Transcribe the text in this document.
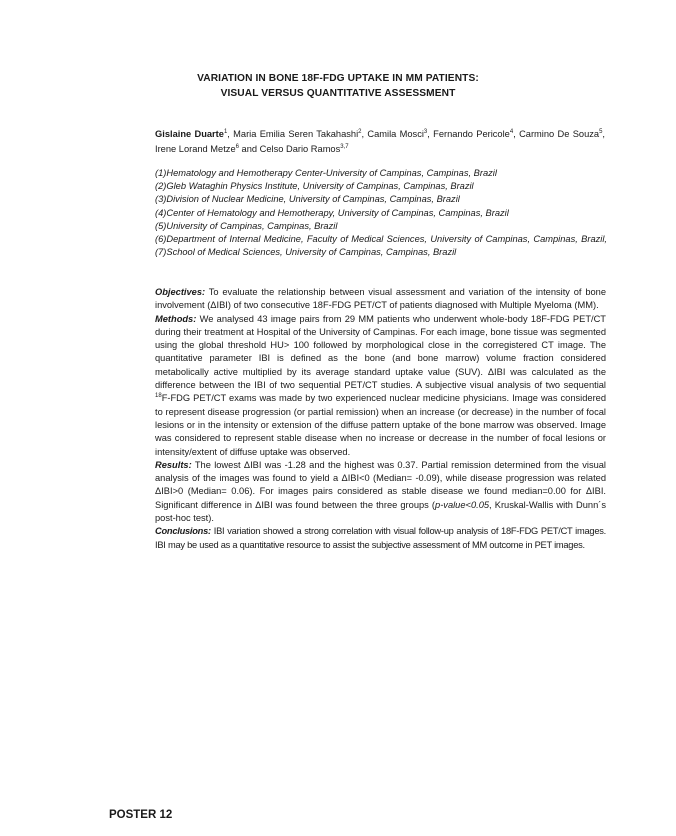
VARIATION IN BONE 18F-FDG UPTAKE IN MM PATIENTS:
VISUAL VERSUS QUANTITATIVE ASSESSMENT
Gislaine Duarte$^1$, Maria Emilia Seren Takahashi$^2$, Camila Mosci$^3$, Fernando Pericole$^4$, Carmino De Souza$^5$, Irene Lorand Metze$^6$ and Celso Dario Ramos$^{3,7}$
(1)Hematology and Hemotherapy Center-University of Campinas, Campinas, Brazil
(2)Gleb Wataghin Physics Institute, University of Campinas, Campinas, Brazil
(3)Division of Nuclear Medicine, University of Campinas, Campinas, Brazil
(4)Center of Hematology and Hemotherapy, University of Campinas, Campinas, Brazil
(5)University of Campinas, Campinas, Brazil
(6)Department of Internal Medicine, Faculty of Medical Sciences, University of Campinas, Campinas, Brazil, (7)School of Medical Sciences, University of Campinas, Campinas, Brazil

Objectives: To evaluate the relationship between visual assessment and variation of the intensity of bone involvement (ΔIBI) of two consecutive 18F-FDG PET/CT of patients diagnosed with Multiple Myeloma (MM).

Methods: We analysed 43 image pairs from 29 MM patients who underwent whole-body 18F-FDG PET/CT during their treatment at Hospital of the University of Campinas. For each image, bone tissue was segmented using the global threshold HU> 100 followed by morphological close in the corregistered CT image. The quantitative parameter IBI is defined as the bone (and bone marrow) volume fraction considered metabolically active multiplied by its average standard uptake value (SUV). ΔIBI was calculated as the difference between the IBI of two sequential PET/CT studies. A subjective visual analysis of two sequential $^{18}$F-FDG PET/CT exams was made by two experienced nuclear medicine physicians. Image was considered to represent disease progression (or partial remission) when an increase (or decrease) in the number of focal lesions or in the intensity or extension of the diffuse pattern uptake of the bone marrow was observed. Image was considered to represent stable disease when no increase or decrease in the number of focal lesions or intensity/extent of diffuse uptake was observed.

Results: The lowest ΔIBI was -1.28 and the highest was 0.37. Partial remission determined from the visual analysis of the images was found to yield a ΔIBI<0 (Median= -0.09), while disease progression was related ΔIBI>0 (Median= 0.06). For images pairs considered as stable disease we found median=0.00 for ΔIBI. Significant difference in ΔIBI was found between the three groups (p-value<0.05, Kruskal-Wallis with Dunn´s post-hoc test).

Conclusions: IBI variation showed a strong correlation with visual follow-up analysis of 18F-FDG PET/CT images. IBI may be used as a quantitative resource to assist the subjective assessment of MM outcome in PET images.

POSTER 12
